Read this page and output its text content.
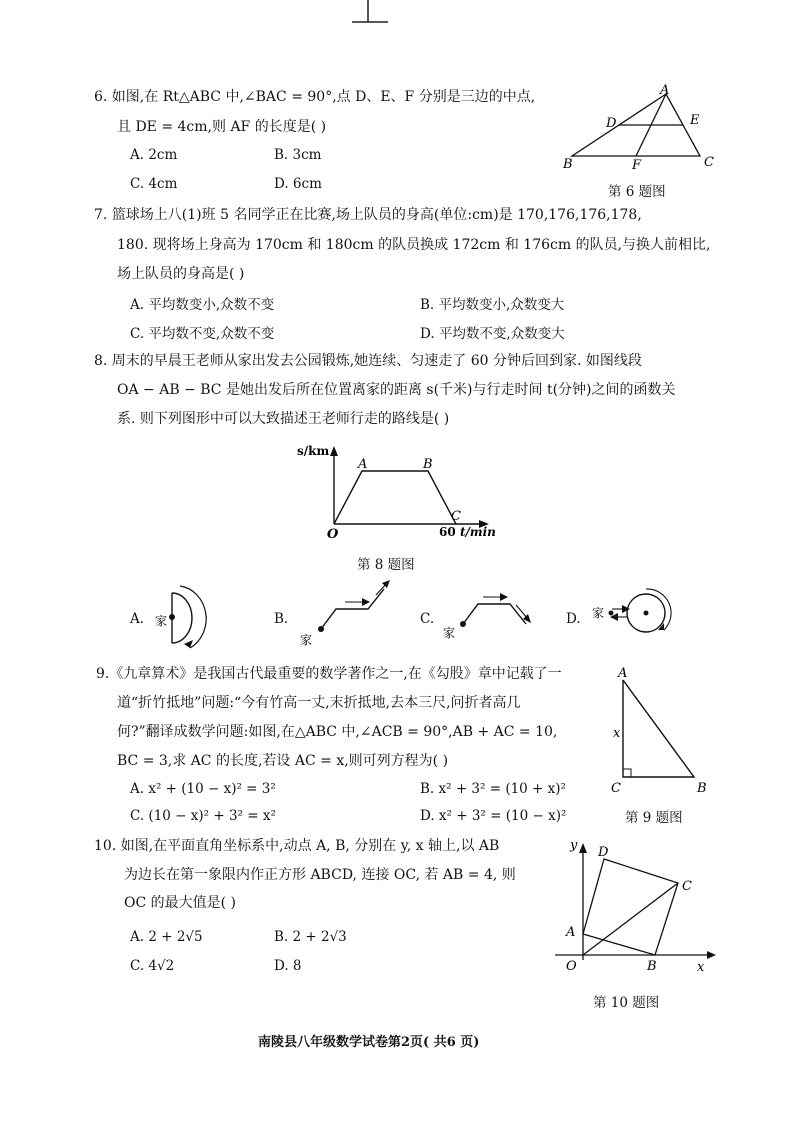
6. 如图,在 Rt△ABC 中,∠BAC = 90°,点 D、E、F 分别是三边的中点,
且 DE = 4cm,则 AF 的长度是( )
A. 2cm	B. 3cm
C. 4cm	D. 6cm
A
D	E
B	F	C
第 6 题图
7. 篮球场上八(1)班 5 名同学正在比赛,场上队员的身高(单位:cm)是 170,176,176,178,
180. 现将场上身高为 170cm 和 180cm 的队员换成 172cm 和 176cm 的队员,与换人前相比,
场上队员的身高是( )
A. 平均数变小,众数不变	B. 平均数变小,众数变大
C. 平均数不变,众数不变	D. 平均数不变,众数变大
8. 周末的早晨王老师从家出发去公园锻炼,她连续、匀速走了 60 分钟后回到家. 如图线段
OA − AB − BC 是她出发后所在位置离家的距离 s(千米)与行走时间 t(分钟)之间的函数关
系. 则下列图形中可以大致描述王老师行走的路线是( )
s/km
t/min
60
O
A	B
C
第 8 题图
A.	B.	C.	D.
家
家	家
家
9.《九章算术》是我国古代最重要的数学著作之一,在《勾股》章中记载了一
道“折竹抵地”问题:“今有竹高一丈,末折抵地,去本三尺,问折者高几
何?”翻译成数学问题:如图,在△ABC 中,∠ACB = 90°,AB + AC = 10,
BC = 3,求 AC 的长度,若设 AC = x,则可列方程为( )
A. x² + (10 − x)² = 3²	B. x² + 3² = (10 + x)²
C. (10 − x)² + 3² = x²	D. x² + 3² = (10 − x)²
A
x
C	B
第 9 题图
10. 如图,在平面直角坐标系中,动点 A, B, 分别在 y, x 轴上,以 AB
为边长在第一象限内作正方形 ABCD, 连接 OC, 若 AB = 4, 则
OC 的最大值是( )
A. 2 + 2√5	B. 2 + 2√3
C. 4√2	D. 8
y D
C
A
O	B	x
第 10 题图
南陵县八年级数学试卷第2页( 共6 页)
